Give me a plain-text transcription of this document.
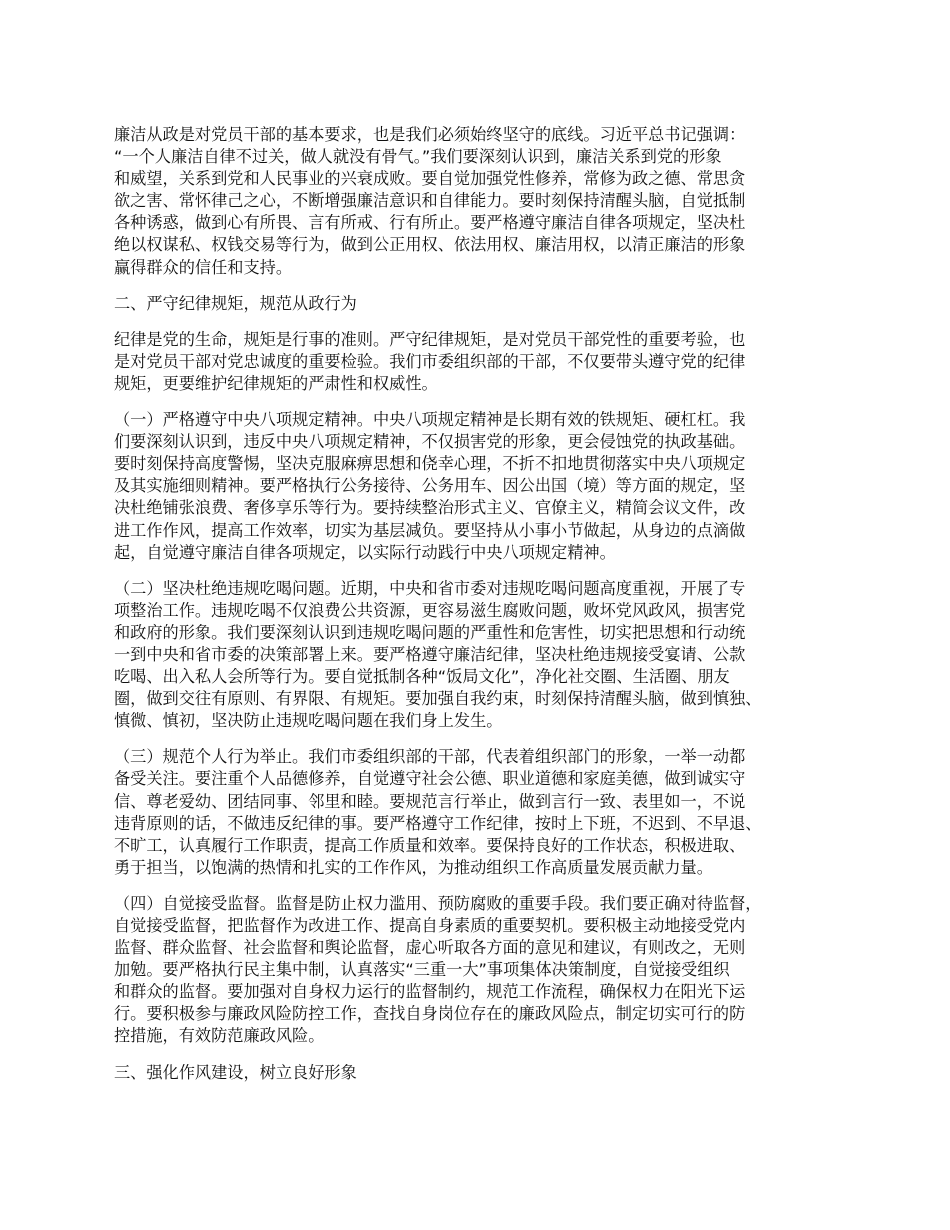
廉洁从政是对党员干部的基本要求，也是我们必须始终坚守的底线。习近平总书记强调：
“一个人廉洁自律不过关，做人就没有骨气。”我们要深刻认识到，廉洁关系到党的形象
和威望，关系到党和人民事业的兴衰成败。要自觉加强党性修养，常修为政之德、常思贪
欲之害、常怀律己之心，不断增强廉洁意识和自律能力。要时刻保持清醒头脑，自觉抵制
各种诱惑，做到心有所畏、言有所戒、行有所止。要严格遵守廉洁自律各项规定，坚决杜
绝以权谋私、权钱交易等行为，做到公正用权、依法用权、廉洁用权，以清正廉洁的形象
赢得群众的信任和支持。

二、严守纪律规矩，规范从政行为

纪律是党的生命，规矩是行事的准则。严守纪律规矩，是对党员干部党性的重要考验，也
是对党员干部对党忠诚度的重要检验。我们市委组织部的干部，不仅要带头遵守党的纪律
规矩，更要维护纪律规矩的严肃性和权威性。

（一）严格遵守中央八项规定精神。中央八项规定精神是长期有效的铁规矩、硬杠杠。我
们要深刻认识到，违反中央八项规定精神，不仅损害党的形象，更会侵蚀党的执政基础。
要时刻保持高度警惕，坚决克服麻痹思想和侥幸心理，不折不扣地贯彻落实中央八项规定
及其实施细则精神。要严格执行公务接待、公务用车、因公出国（境）等方面的规定，坚
决杜绝铺张浪费、奢侈享乐等行为。要持续整治形式主义、官僚主义，精简会议文件，改
进工作作风，提高工作效率，切实为基层减负。要坚持从小事小节做起，从身边的点滴做
起，自觉遵守廉洁自律各项规定，以实际行动践行中央八项规定精神。

（二）坚决杜绝违规吃喝问题。近期，中央和省市委对违规吃喝问题高度重视，开展了专
项整治工作。违规吃喝不仅浪费公共资源，更容易滋生腐败问题，败坏党风政风，损害党
和政府的形象。我们要深刻认识到违规吃喝问题的严重性和危害性，切实把思想和行动统
一到中央和省市委的决策部署上来。要严格遵守廉洁纪律，坚决杜绝违规接受宴请、公款
吃喝、出入私人会所等行为。要自觉抵制各种“饭局文化”，净化社交圈、生活圈、朋友
圈，做到交往有原则、有界限、有规矩。要加强自我约束，时刻保持清醒头脑，做到慎独、
慎微、慎初，坚决防止违规吃喝问题在我们身上发生。

（三）规范个人行为举止。我们市委组织部的干部，代表着组织部门的形象，一举一动都
备受关注。要注重个人品德修养，自觉遵守社会公德、职业道德和家庭美德，做到诚实守
信、尊老爱幼、团结同事、邻里和睦。要规范言行举止，做到言行一致、表里如一，不说
违背原则的话，不做违反纪律的事。要严格遵守工作纪律，按时上下班，不迟到、不早退、
不旷工，认真履行工作职责，提高工作质量和效率。要保持良好的工作状态，积极进取、
勇于担当，以饱满的热情和扎实的工作作风，为推动组织工作高质量发展贡献力量。

（四）自觉接受监督。监督是防止权力滥用、预防腐败的重要手段。我们要正确对待监督，
自觉接受监督，把监督作为改进工作、提高自身素质的重要契机。要积极主动地接受党内
监督、群众监督、社会监督和舆论监督，虚心听取各方面的意见和建议，有则改之，无则
加勉。要严格执行民主集中制，认真落实“三重一大”事项集体决策制度，自觉接受组织
和群众的监督。要加强对自身权力运行的监督制约，规范工作流程，确保权力在阳光下运
行。要积极参与廉政风险防控工作，查找自身岗位存在的廉政风险点，制定切实可行的防
控措施，有效防范廉政风险。

三、强化作风建设，树立良好形象
